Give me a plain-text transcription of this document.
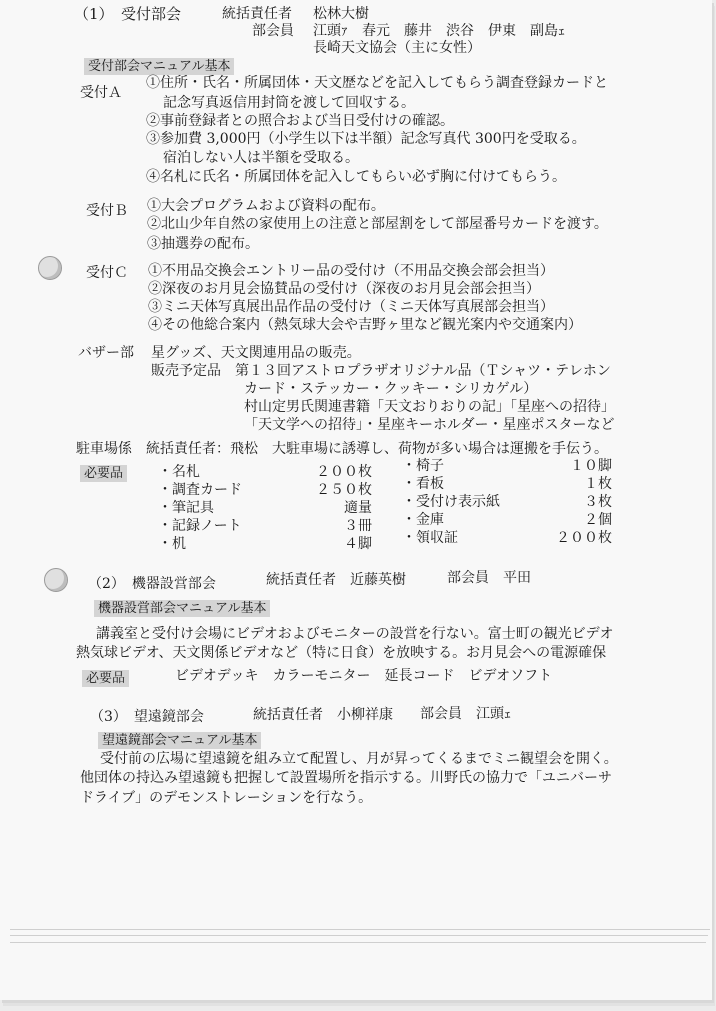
（1）　受付部会	統括責任者 松林大樹
部会員 江頭ｧ　春元　藤井　渋谷　伊東　副島ｪ
長崎天文協会（主に女性）
受付部会マニュアル基本
受付Ａ
①住所・氏名・所属団体・天文歴などを記入してもらう調査登録カードと
記念写真返信用封筒を渡して回収する。
②事前登録者との照合および当日受付けの確認。
③参加費 3,000円（小学生以下は半額）記念写真代 300円を受取る。
宿泊しない人は半額を受取る。
④名札に氏名・所属団体を記入してもらい必ず胸に付けてもらう。
受付Ｂ ①大会プログラムおよび資料の配布。
②北山少年自然の家使用上の注意と部屋割をして部屋番号カードを渡す。
③抽選券の配布。
受付Ｃ ①不用品交換会エントリー品の受付け（不用品交換会部会担当）
②深夜のお月見会協賛品の受付け（深夜のお月見会部会担当）
③ミニ天体写真展出品作品の受付け（ミニ天体写真展部会担当）
④その他総合案内（熱気球大会や吉野ヶ里など観光案内や交通案内）
バザー部 星グッズ、天文関連用品の販売。
販売予定品　第１３回アストロプラザオリジナル品（Ｔシャツ・テレホン
カード・ステッカー・クッキー・シリカゲル）
村山定男氏関連書籍「天文おりおりの記」「星座への招待」
「天文学への招待」・星座キーホルダー・星座ポスターなど
駐車場係　統括責任者：飛松　大駐車場に誘導し、荷物が多い場合は運搬を手伝う。
必要品 ・名札	２００枚
・調査カード	２５０枚
・筆記具	適量
・記録ノート	３冊
・机	４脚
・椅子	１０脚
・看板	１枚
・受付け表示紙	３枚
・金庫	２個
・領収証	２００枚
（2）　機器設営部会	統括責任者　近藤英樹	部会員　平田
機器設営部会マニュアル基本
講義室と受付け会場にビデオおよびモニターの設営を行ない。富士町の観光ビデオ
熱気球ビデオ、天文関係ビデオなど（特に日食）を放映する。お月見会への電源確保
必要品	ビデオデッキ　カラーモニター　延長コード　ビデオソフト
（3）　望遠鏡部会	統括責任者　小柳祥康 部会員　江頭ｪ
望遠鏡部会マニュアル基本
受付前の広場に望遠鏡を組み立て配置し、月が昇ってくるまでミニ観望会を開く。
他団体の持込み望遠鏡も把握して設置場所を指示する。川野氏の協力で「ユニバーサ
ドライブ」のデモンストレーションを行なう。
